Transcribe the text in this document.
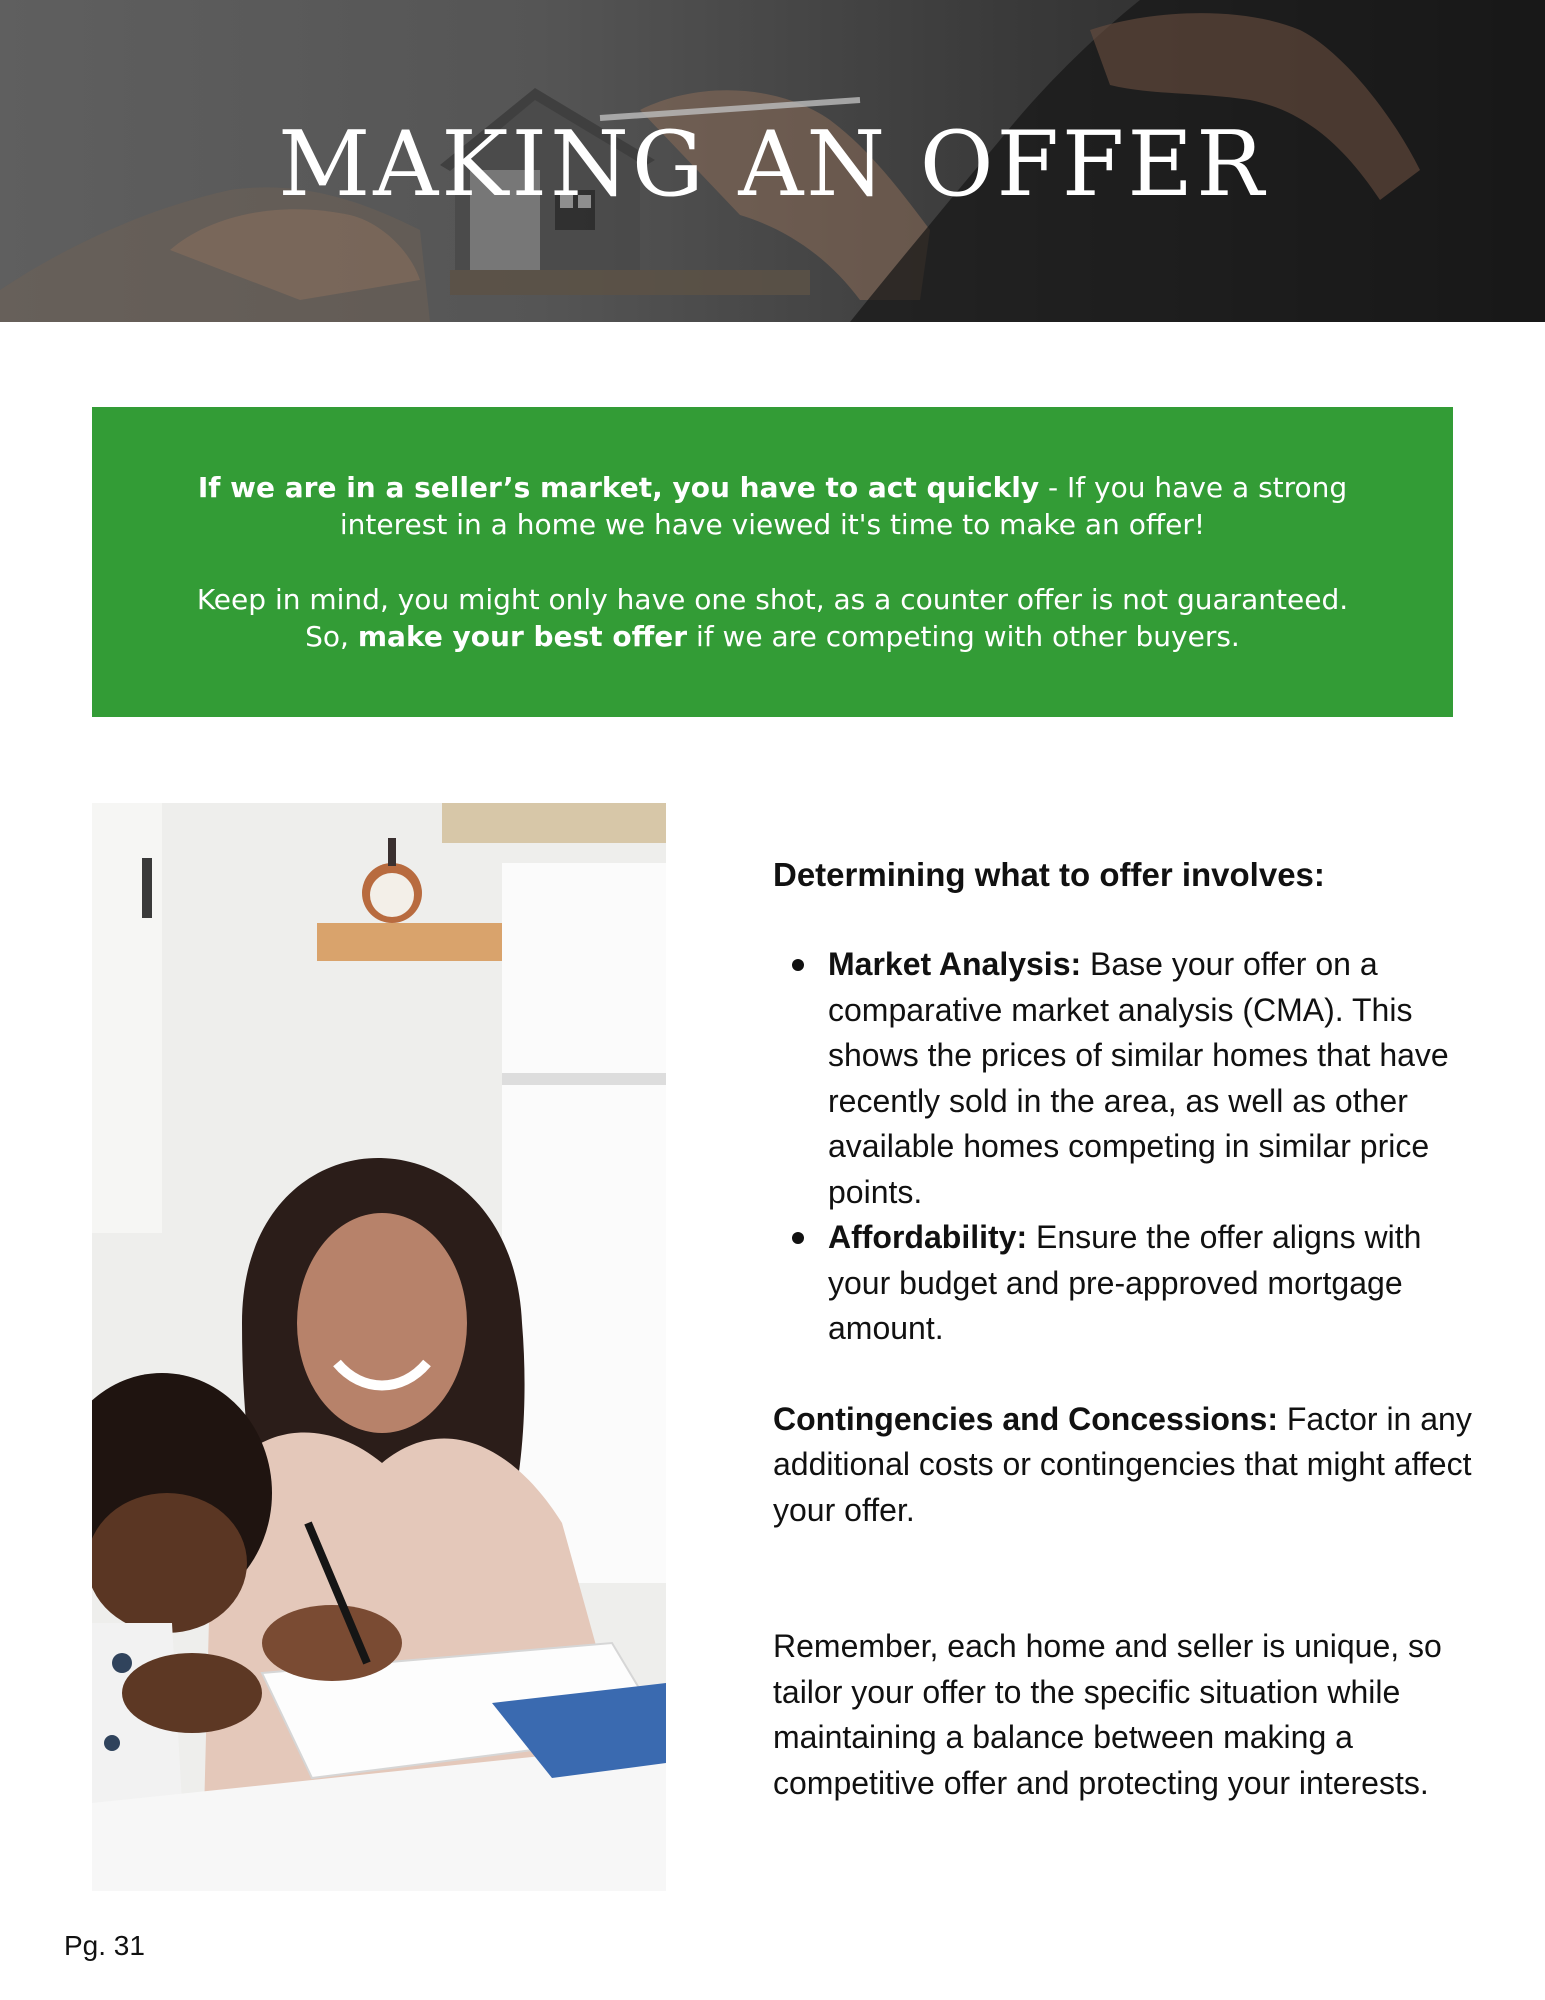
MAKING AN OFFER

If we are in a seller’s market, you have to act quickly - If you have a strong interest in a home we have viewed it's time to make an offer!

Keep in mind, you might only have one shot, as a counter offer is not guaranteed. So, make your best offer if we are competing with other buyers.

Determining what to offer involves:
Market Analysis: Base your offer on a comparative market analysis (CMA). This shows the prices of similar homes that have recently sold in the area, as well as other available homes competing in similar price points.
Affordability: Ensure the offer aligns with your budget and pre-approved mortgage amount.

Contingencies and Concessions: Factor in any additional costs or contingencies that might affect your offer.

Remember, each home and seller is unique, so tailor your offer to the specific situation while maintaining a balance between making a competitive offer and protecting your interests.

Pg. 31
